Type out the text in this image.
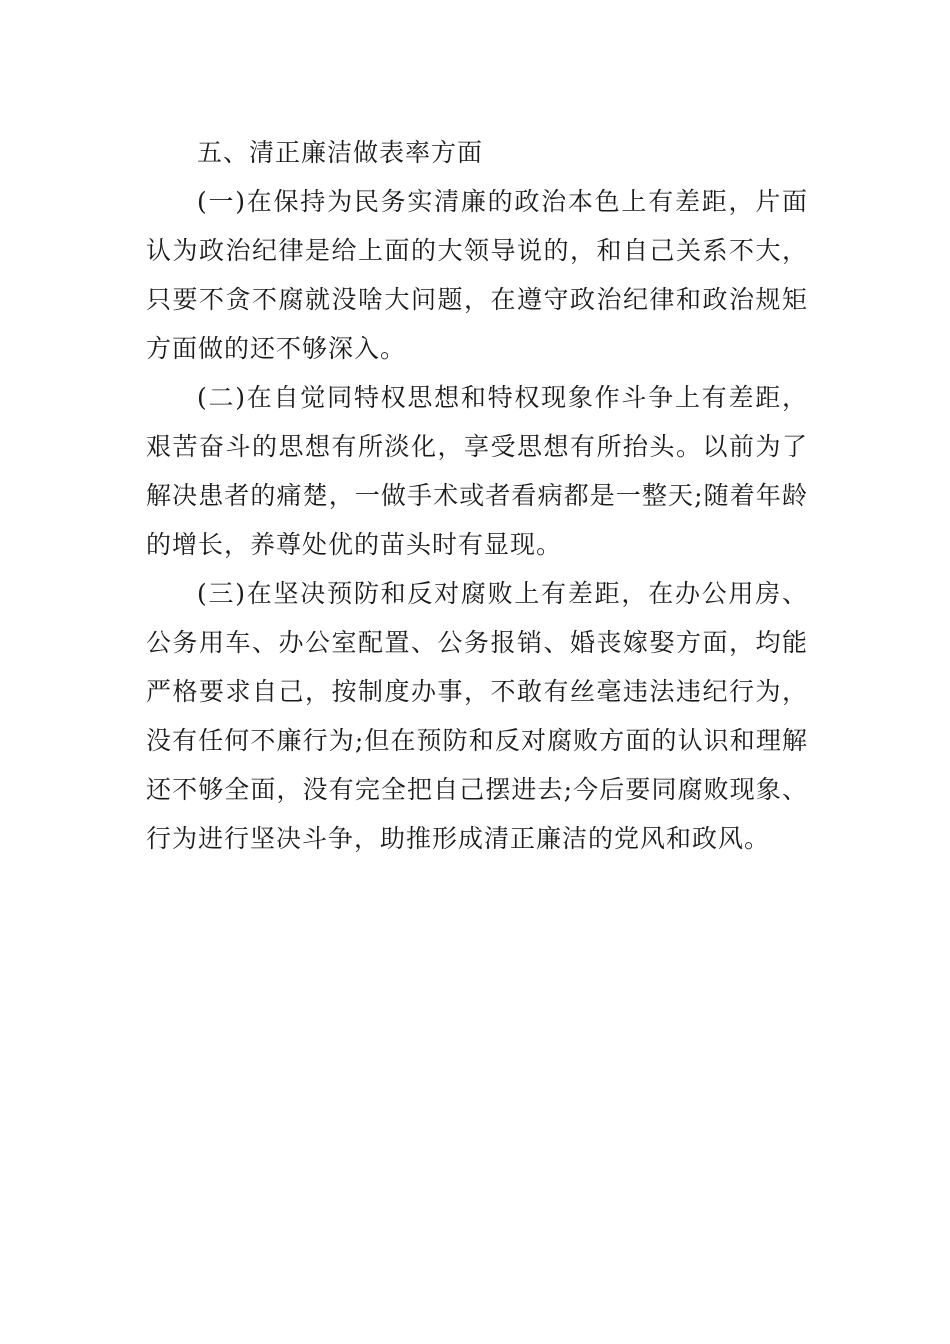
五、清正廉洁做表率方面

(一)在保持为民务实清廉的政治本色上有差距，片面认为政治纪律是给上面的大领导说的，和自己关系不大，只要不贪不腐就没啥大问题，在遵守政治纪律和政治规矩方面做的还不够深入。

(二)在自觉同特权思想和特权现象作斗争上有差距，艰苦奋斗的思想有所淡化，享受思想有所抬头。以前为了解决患者的痛楚，一做手术或者看病都是一整天;随着年龄的增长，养尊处优的苗头时有显现。

(三)在坚决预防和反对腐败上有差距，在办公用房、公务用车、办公室配置、公务报销、婚丧嫁娶方面，均能严格要求自己，按制度办事，不敢有丝毫违法违纪行为，没有任何不廉行为;但在预防和反对腐败方面的认识和理解还不够全面，没有完全把自己摆进去;今后要同腐败现象、行为进行坚决斗争，助推形成清正廉洁的党风和政风。
